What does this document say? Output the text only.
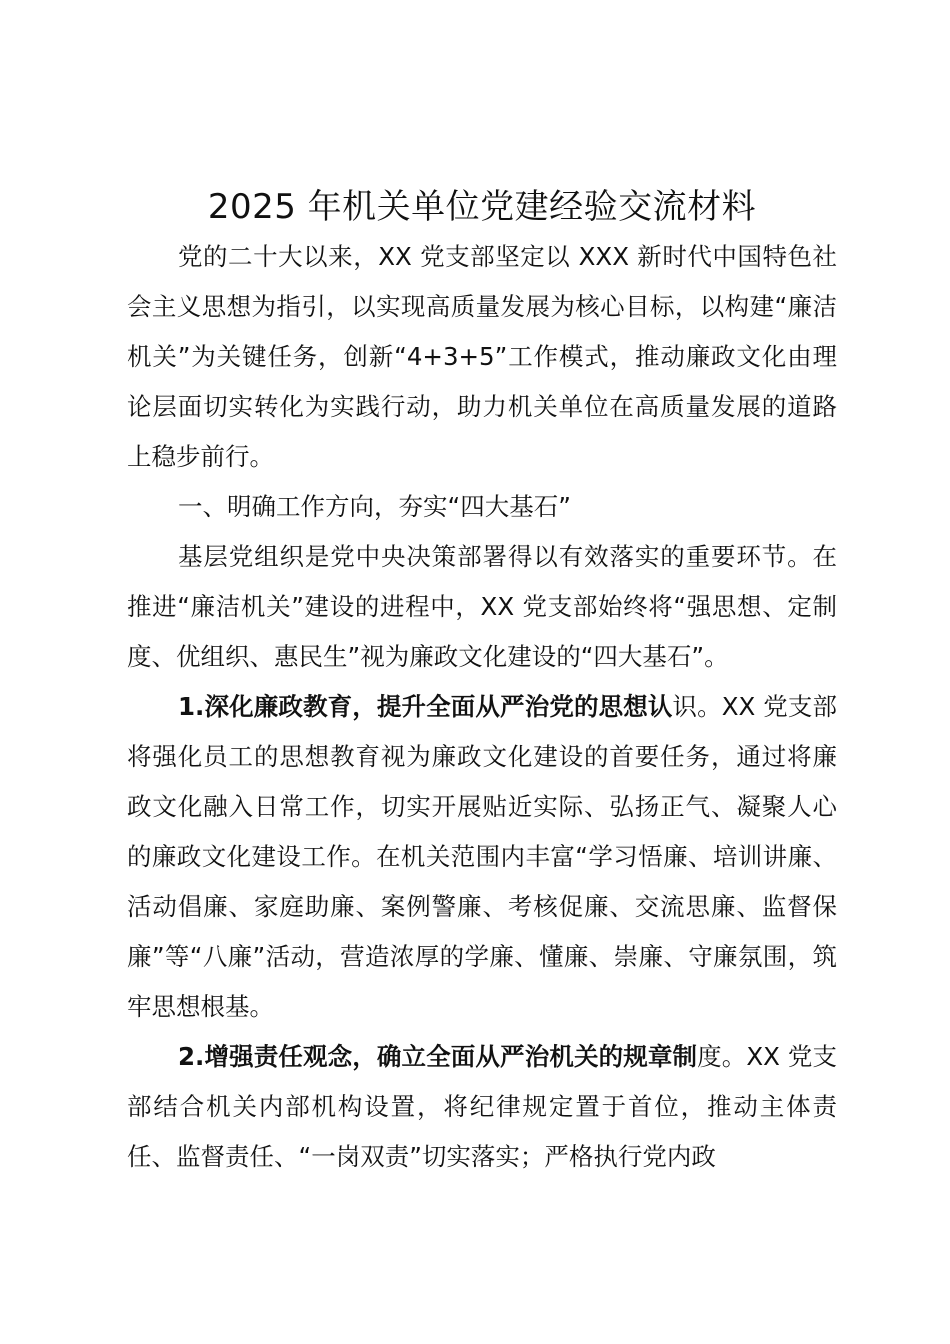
2025 年机关单位党建经验交流材料

党的二十大以来，XX 党支部坚定以 XXX 新时代中国特色社会主义思想为指引，以实现高质量发展为核心目标，以构建“廉洁机关”为关键任务，创新“4+3+5”工作模式，推动廉政文化由理论层面切实转化为实践行动，助力机关单位在高质量发展的道路上稳步前行。

一、明确工作方向，夯实“四大基石”

基层党组织是党中央决策部署得以有效落实的重要环节。在推进“廉洁机关”建设的进程中，XX 党支部始终将“强思想、定制度、优组织、惠民生”视为廉政文化建设的“四大基石”。

1.深化廉政教育，提升全面从严治党的思想认识。XX 党支部将强化员工的思想教育视为廉政文化建设的首要任务，通过将廉政文化融入日常工作，切实开展贴近实际、弘扬正气、凝聚人心的廉政文化建设工作。在机关范围内丰富“学习悟廉、培训讲廉、活动倡廉、家庭助廉、案例警廉、考核促廉、交流思廉、监督保廉”等“八廉”活动，营造浓厚的学廉、懂廉、崇廉、守廉氛围，筑牢思想根基。

2.增强责任观念，确立全面从严治机关的规章制度。XX 党支部结合机关内部机构设置，将纪律规定置于首位，推动主体责任、监督责任、“一岗双责”切实落实；严格执行党内政
